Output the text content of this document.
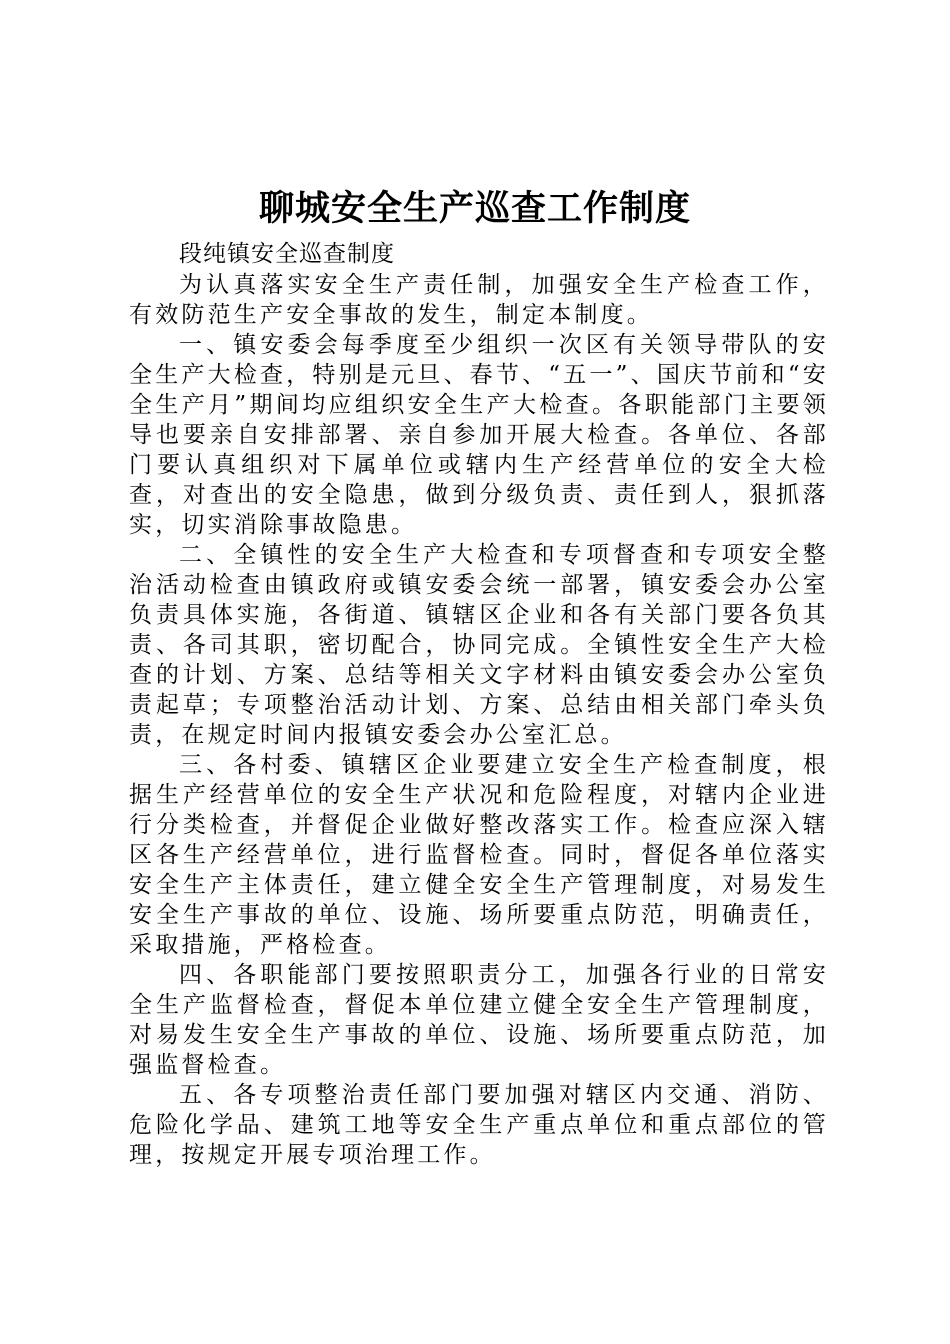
聊城安全生产巡查工作制度

段纯镇安全巡查制度

为认真落实安全生产责任制，加强安全生产检查工作，有效防范生产安全事故的发生，制定本制度。

一、镇安委会每季度至少组织一次区有关领导带队的安全生产大检查，特别是元旦、春节、“五一”、国庆节前和“安全生产月”期间均应组织安全生产大检查。各职能部门主要领导也要亲自安排部署、亲自参加开展大检查。各单位、各部门要认真组织对下属单位或辖内生产经营单位的安全大检查，对查出的安全隐患，做到分级负责、责任到人，狠抓落实，切实消除事故隐患。

二、全镇性的安全生产大检查和专项督查和专项安全整治活动检查由镇政府或镇安委会统一部署，镇安委会办公室负责具体实施，各街道、镇辖区企业和各有关部门要各负其责、各司其职，密切配合，协同完成。全镇性安全生产大检查的计划、方案、总结等相关文字材料由镇安委会办公室负责起草；专项整治活动计划、方案、总结由相关部门牵头负责，在规定时间内报镇安委会办公室汇总。

三、各村委、镇辖区企业要建立安全生产检查制度，根据生产经营单位的安全生产状况和危险程度，对辖内企业进行分类检查，并督促企业做好整改落实工作。检查应深入辖区各生产经营单位，进行监督检查。同时，督促各单位落实安全生产主体责任，建立健全安全生产管理制度，对易发生安全生产事故的单位、设施、场所要重点防范，明确责任，采取措施，严格检查。

四、各职能部门要按照职责分工，加强各行业的日常安全生产监督检查，督促本单位建立健全安全生产管理制度，对易发生安全生产事故的单位、设施、场所要重点防范，加强监督检查。

五、各专项整治责任部门要加强对辖区内交通、消防、危险化学品、建筑工地等安全生产重点单位和重点部位的管理，按规定开展专项治理工作。
